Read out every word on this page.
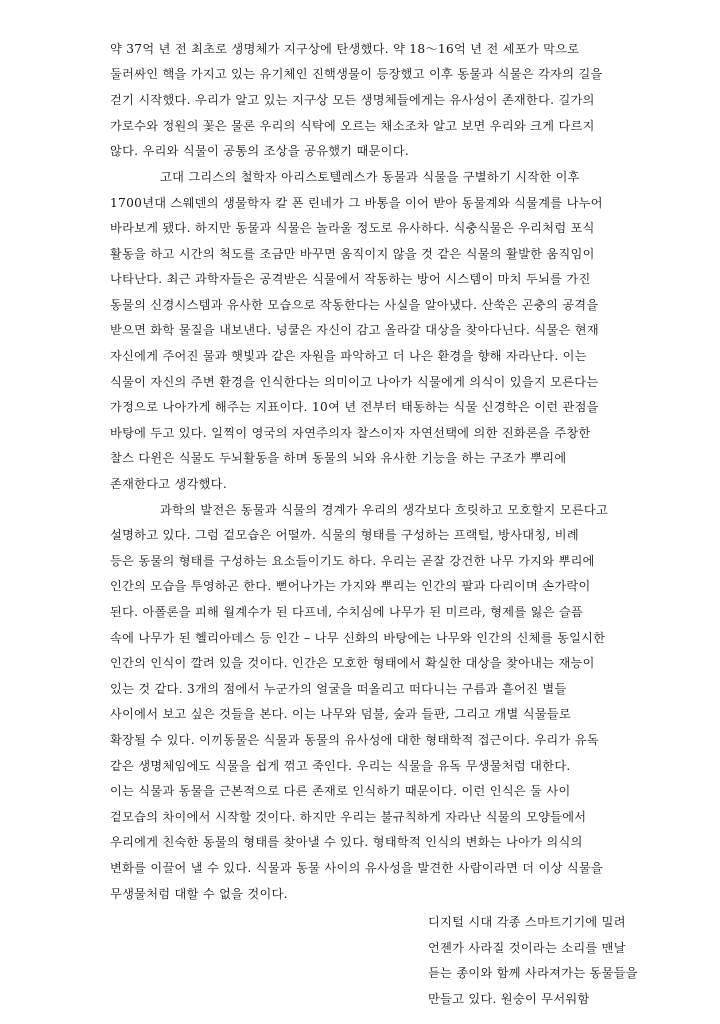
약 37억 년 전 최초로 생명체가 지구상에 탄생했다. 약 18～16억 년 전 세포가 막으로
둘러싸인 핵을 가지고 있는 유기체인 진핵생물이 등장했고 이후 동물과 식물은 각자의 길을
걷기 시작했다. 우리가 알고 있는 지구상 모든 생명체들에게는 유사성이 존재한다. 길가의
가로수와 정원의 꽃은 물론 우리의 식탁에 오르는 채소조차 알고 보면 우리와 크게 다르지
않다. 우리와 식물이 공통의 조상을 공유했기 때문이다.
고대 그리스의 철학자 아리스토텔레스가 동물과 식물을 구별하기 시작한 이후
1700년대 스웨덴의 생물학자 칼 폰 린네가 그 바통을 이어 받아 동물계와 식물계를 나누어
바라보게 됐다. 하지만 동물과 식물은 놀라울 정도로 유사하다. 식충식물은 우리처럼 포식
활동을 하고 시간의 척도를 조금만 바꾸면 움직이지 않을 것 같은 식물의 활발한 움직임이
나타난다. 최근 과학자들은 공격받은 식물에서 작동하는 방어 시스템이 마치 두뇌를 가진
동물의 신경시스템과 유사한 모습으로 작동한다는 사실을 알아냈다. 산쑥은 곤충의 공격을
받으면 화학 물질을 내보낸다. 넝쿨은 자신이 감고 올라갈 대상을 찾아다닌다. 식물은 현재
자신에게 주어진 물과 햇빛과 같은 자원을 파악하고 더 나은 환경을 향해 자라난다. 이는
식물이 자신의 주변 환경을 인식한다는 의미이고 나아가 식물에게 의식이 있을지 모른다는
가정으로 나아가게 해주는 지표이다. 10여 년 전부터 태동하는 식물 신경학은 이런 관점을
바탕에 두고 있다. 일찍이 영국의 자연주의자 찰스이자 자연선택에 의한 진화론을 주창한
찰스 다윈은 식물도 두뇌활동을 하며 동물의 뇌와 유사한 기능을 하는 구조가 뿌리에
존재한다고 생각했다.
과학의 발전은 동물과 식물의 경계가 우리의 생각보다 흐릿하고 모호할지 모른다고
설명하고 있다. 그럼 겉모습은 어떨까. 식물의 형태를 구성하는 프랙털, 방사대칭, 비례
등은 동물의 형태를 구성하는 요소들이기도 하다. 우리는 곧잘 강건한 나무 가지와 뿌리에
인간의 모습을 투영하곤 한다. 뻗어나가는 가지와 뿌리는 인간의 팔과 다리이며 손가락이
된다. 아폴론을 피해 월계수가 된 다프네, 수치심에 나무가 된 미르라, 형제를 잃은 슬픔
속에 나무가 된 헬리아데스 등 인간 – 나무 신화의 바탕에는 나무와 인간의 신체를 동일시한
인간의 인식이 깔려 있을 것이다. 인간은 모호한 형태에서 확실한 대상을 찾아내는 재능이
있는 것 같다. 3개의 점에서 누군가의 얼굴을 떠올리고 떠다니는 구름과 흩어진 별들
사이에서 보고 싶은 것들을 본다. 이는 나무와 덤불, 숲과 들판, 그리고 개별 식물들로
확장될 수 있다. 이끼동물은 식물과 동물의 유사성에 대한 형태학적 접근이다. 우리가 유독
같은 생명체임에도 식물을 쉽게 꺾고 죽인다. 우리는 식물을 유독 무생물처럼 대한다.
이는 식물과 동물을 근본적으로 다른 존재로 인식하기 때문이다. 이런 인식은 둘 사이
겉모습의 차이에서 시작할 것이다. 하지만 우리는 불규칙하게 자라난 식물의 모양들에서
우리에게 친숙한 동물의 형태를 찾아낼 수 있다. 형태학적 인식의 변화는 나아가 의식의
변화를 이끌어 낼 수 있다. 식물과 동물 사이의 유사성을 발견한 사람이라면 더 이상 식물을
무생물처럼 대할 수 없을 것이다.
디지털 시대 각종 스마트기기에 밀려
언젠가 사라질 것이라는 소리를 맨날
듣는 종이와 함께 사라져가는 동물들을
만들고 있다. 원숭이 무서워함
